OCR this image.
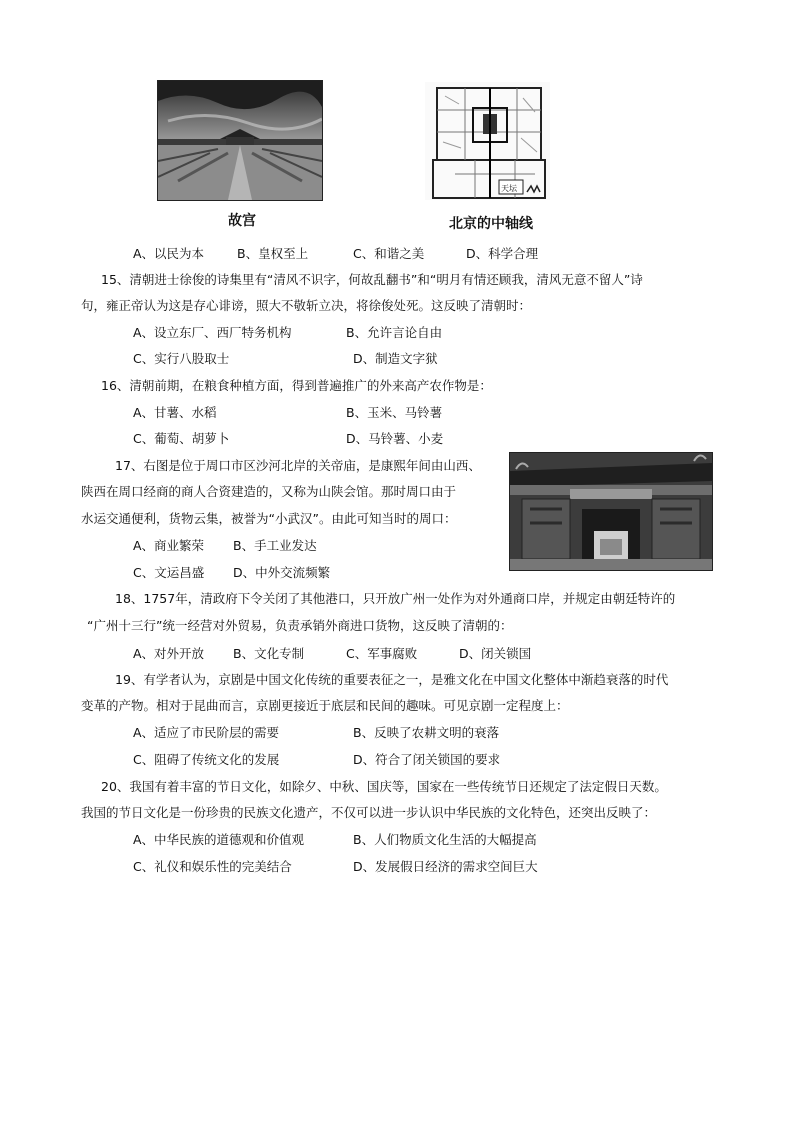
故宫
天坛
北京的中轴线
A、以民为本	B、皇权至上	C、和谐之美	D、科学合理
15、清朝进士徐俊的诗集里有“清风不识字，何故乱翻书”和“明月有情还顾我，清风无意不留人”诗
句，雍正帝认为这是存心诽谤，照大不敬斩立决，将徐俊处死。这反映了清朝时：
A、设立东厂、西厂特务机构	B、允许言论自由
C、实行八股取士	D、制造文字狱
16、清朝前期，在粮食种植方面，得到普遍推广的外来高产农作物是：
A、甘薯、水稻	B、玉米、马铃薯
C、葡萄、胡萝卜	D、马铃薯、小麦
17、右图是位于周口市区沙河北岸的关帝庙，是康熙年间由山西、
陕西在周口经商的商人合资建造的，又称为山陕会馆。那时周口由于
水运交通便利，货物云集，被誉为“小武汉”。由此可知当时的周口：
A、商业繁荣 B、手工业发达
C、文运昌盛 D、中外交流频繁
18、1757年，清政府下令关闭了其他港口，只开放广州一处作为对外通商口岸，并规定由朝廷特许的
“广州十三行”统一经营对外贸易，负责承销外商进口货物，这反映了清朝的：
A、对外开放 B、文化专制	C、军事腐败	D、闭关锁国
19、有学者认为，京剧是中国文化传统的重要表征之一，是雅文化在中国文化整体中渐趋衰落的时代
变革的产物。相对于昆曲而言，京剧更接近于底层和民间的趣味。可见京剧一定程度上：
A、适应了市民阶层的需要	B、反映了农耕文明的衰落
C、阻碍了传统文化的发展	D、符合了闭关锁国的要求
20、我国有着丰富的节日文化，如除夕、中秋、国庆等，国家在一些传统节日还规定了法定假日天数。
我国的节日文化是一份珍贵的民族文化遗产，不仅可以进一步认识中华民族的文化特色，还突出反映了：
A、中华民族的道德观和价值观	B、人们物质文化生活的大幅提高
C、礼仪和娱乐性的完美结合	D、发展假日经济的需求空间巨大
